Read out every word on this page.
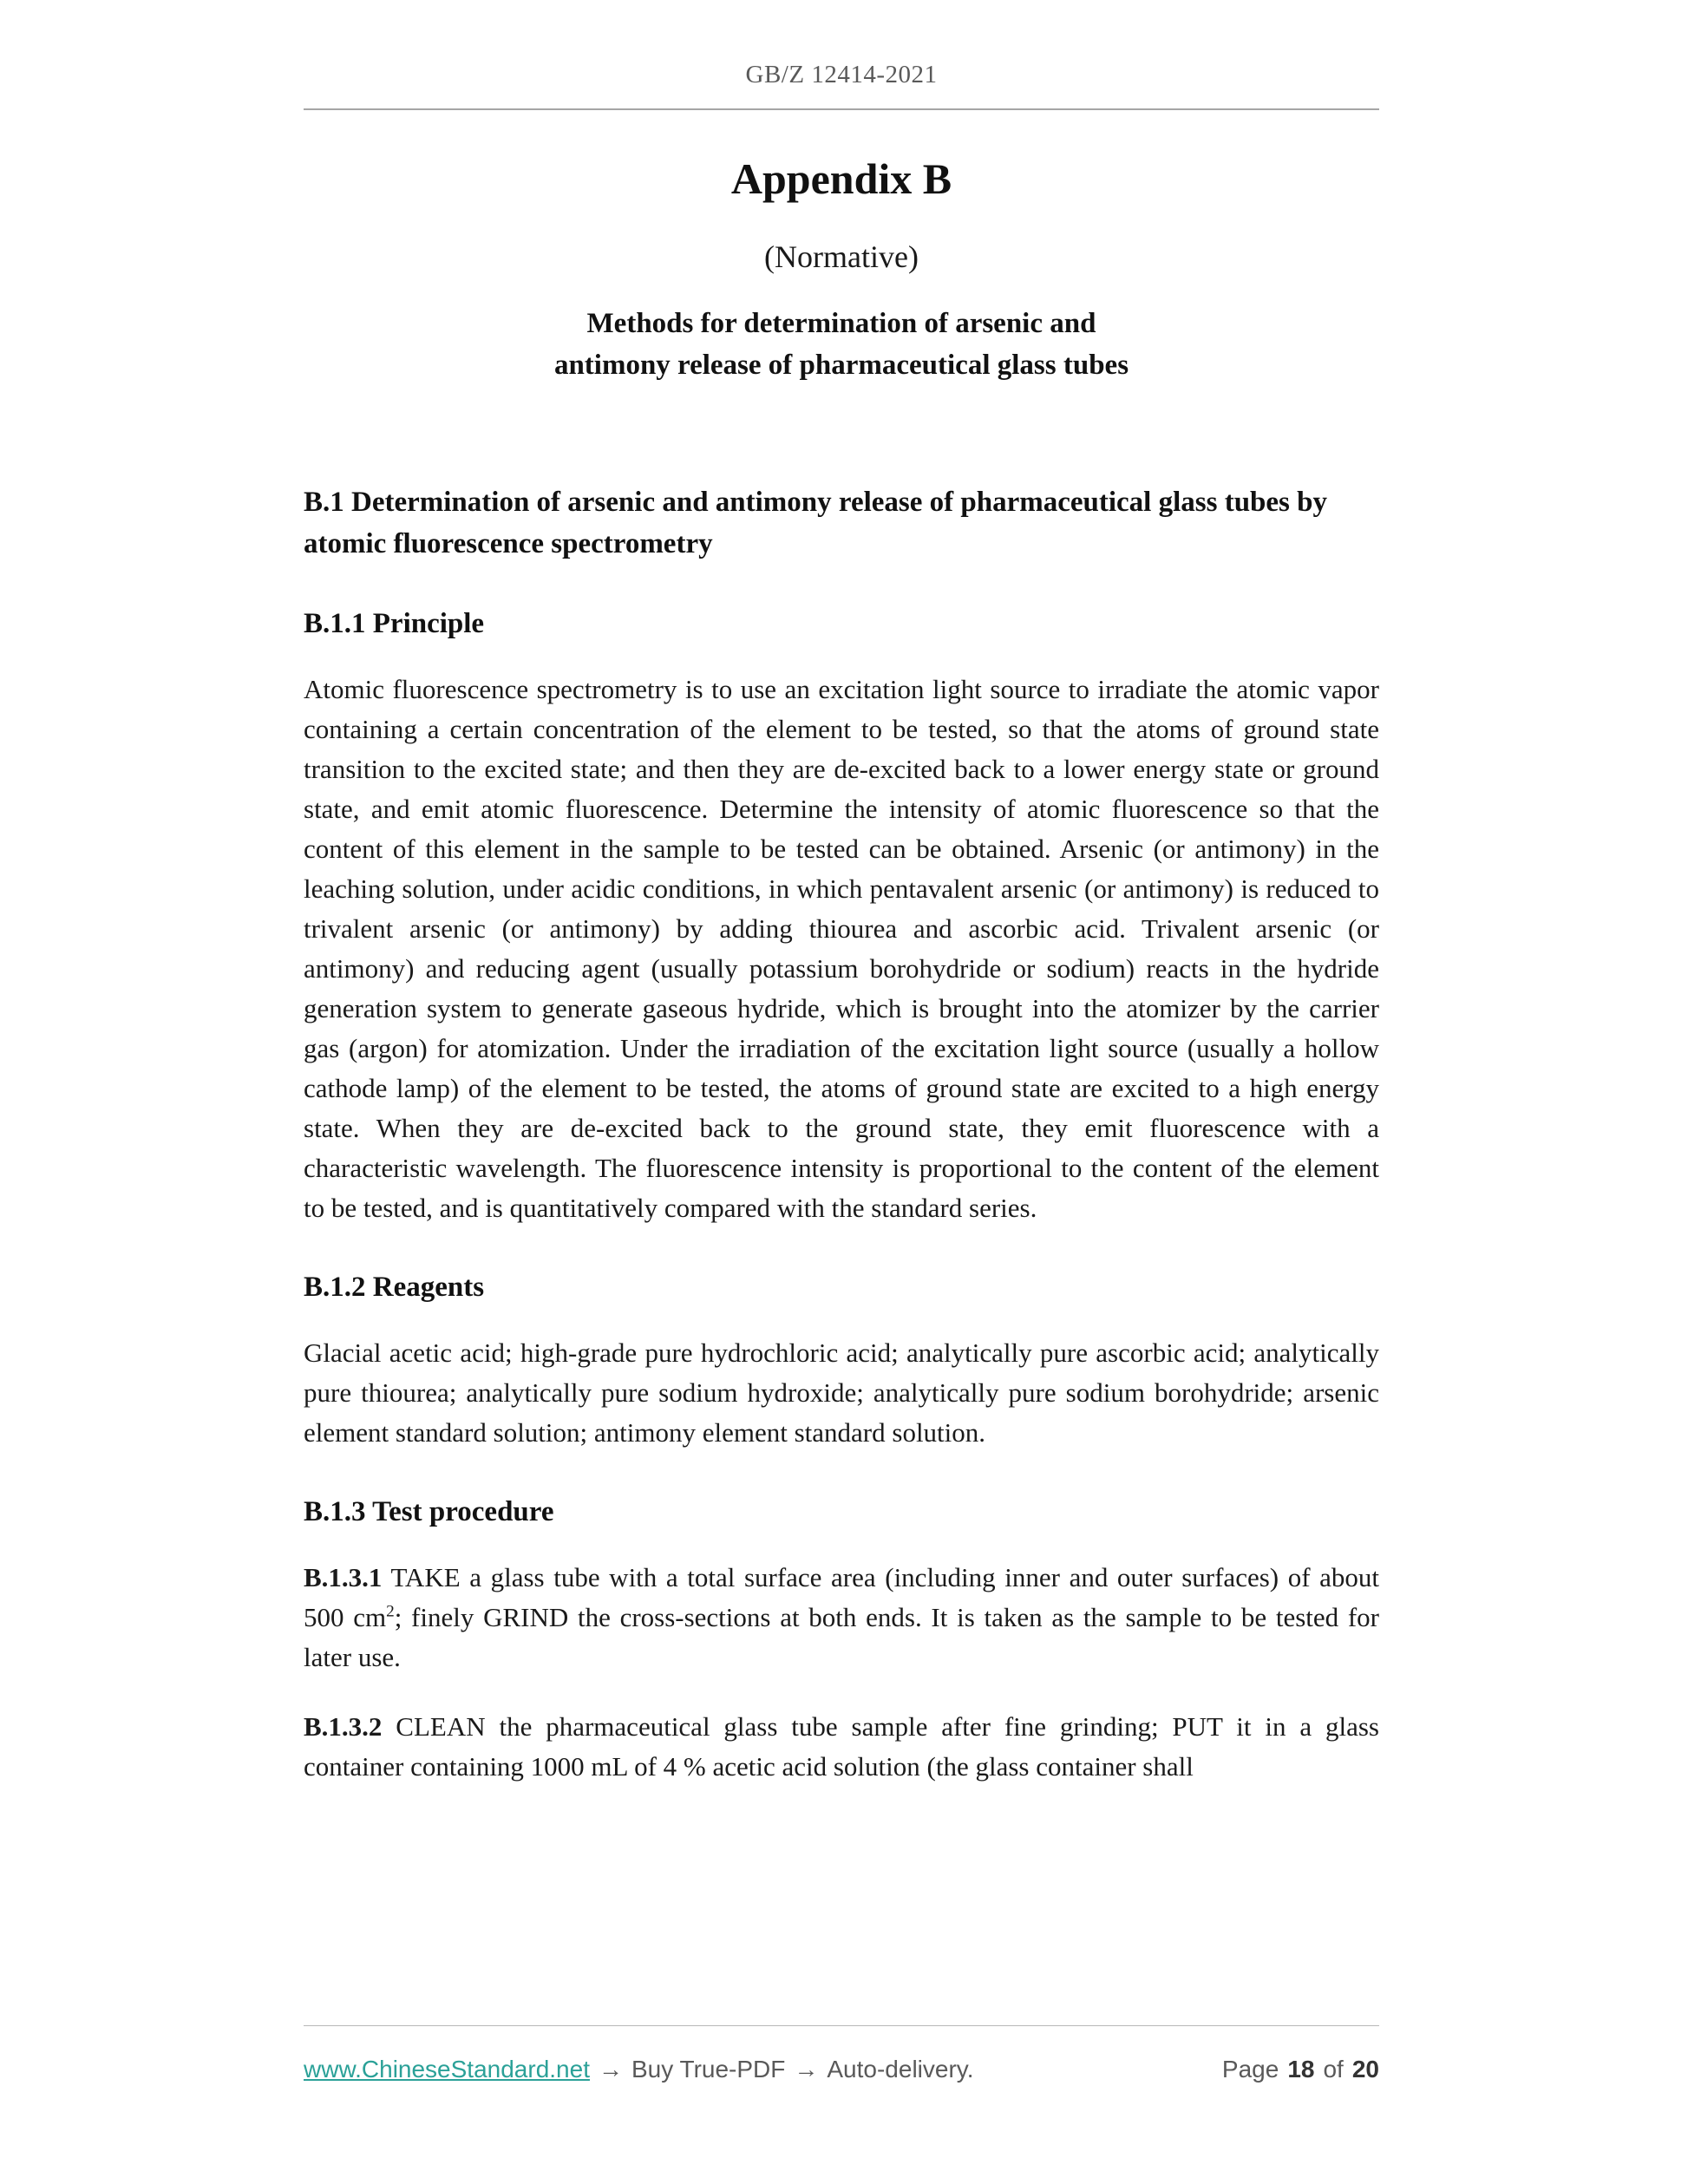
GB/Z 12414-2021
Appendix B
(Normative)
Methods for determination of arsenic and
antimony release of pharmaceutical glass tubes
B.1 Determination of arsenic and antimony release of pharmaceutical glass tubes by atomic fluorescence spectrometry
B.1.1 Principle

Atomic fluorescence spectrometry is to use an excitation light source to irradiate the atomic vapor containing a certain concentration of the element to be tested, so that the atoms of ground state transition to the excited state; and then they are de-excited back to a lower energy state or ground state, and emit atomic fluorescence. Determine the intensity of atomic fluorescence so that the content of this element in the sample to be tested can be obtained. Arsenic (or antimony) in the leaching solution, under acidic conditions, in which pentavalent arsenic (or antimony) is reduced to trivalent arsenic (or antimony) by adding thiourea and ascorbic acid. Trivalent arsenic (or antimony) and reducing agent (usually potassium borohydride or sodium) reacts in the hydride generation system to generate gaseous hydride, which is brought into the atomizer by the carrier gas (argon) for atomization. Under the irradiation of the excitation light source (usually a hollow cathode lamp) of the element to be tested, the atoms of ground state are excited to a high energy state. When they are de-excited back to the ground state, they emit fluorescence with a characteristic wavelength. The fluorescence intensity is proportional to the content of the element to be tested, and is quantitatively compared with the standard series.

B.1.2 Reagents

Glacial acetic acid; high-grade pure hydrochloric acid; analytically pure ascorbic acid; analytically pure thiourea; analytically pure sodium hydroxide; analytically pure sodium borohydride; arsenic element standard solution; antimony element standard solution.

B.1.3 Test procedure

B.1.3.1 TAKE a glass tube with a total surface area (including inner and outer surfaces) of about 500 $cm^2$; finely GRIND the cross-sections at both ends. It is taken as the sample to be tested for later use.

B.1.3.2 CLEAN the pharmaceutical glass tube sample after fine grinding; PUT it in a glass container containing 1000 mL of 4 % acetic acid solution (the glass container shall

www.ChineseStandard.net → Buy True-PDF → Auto-delivery.	Page 18 of 20
